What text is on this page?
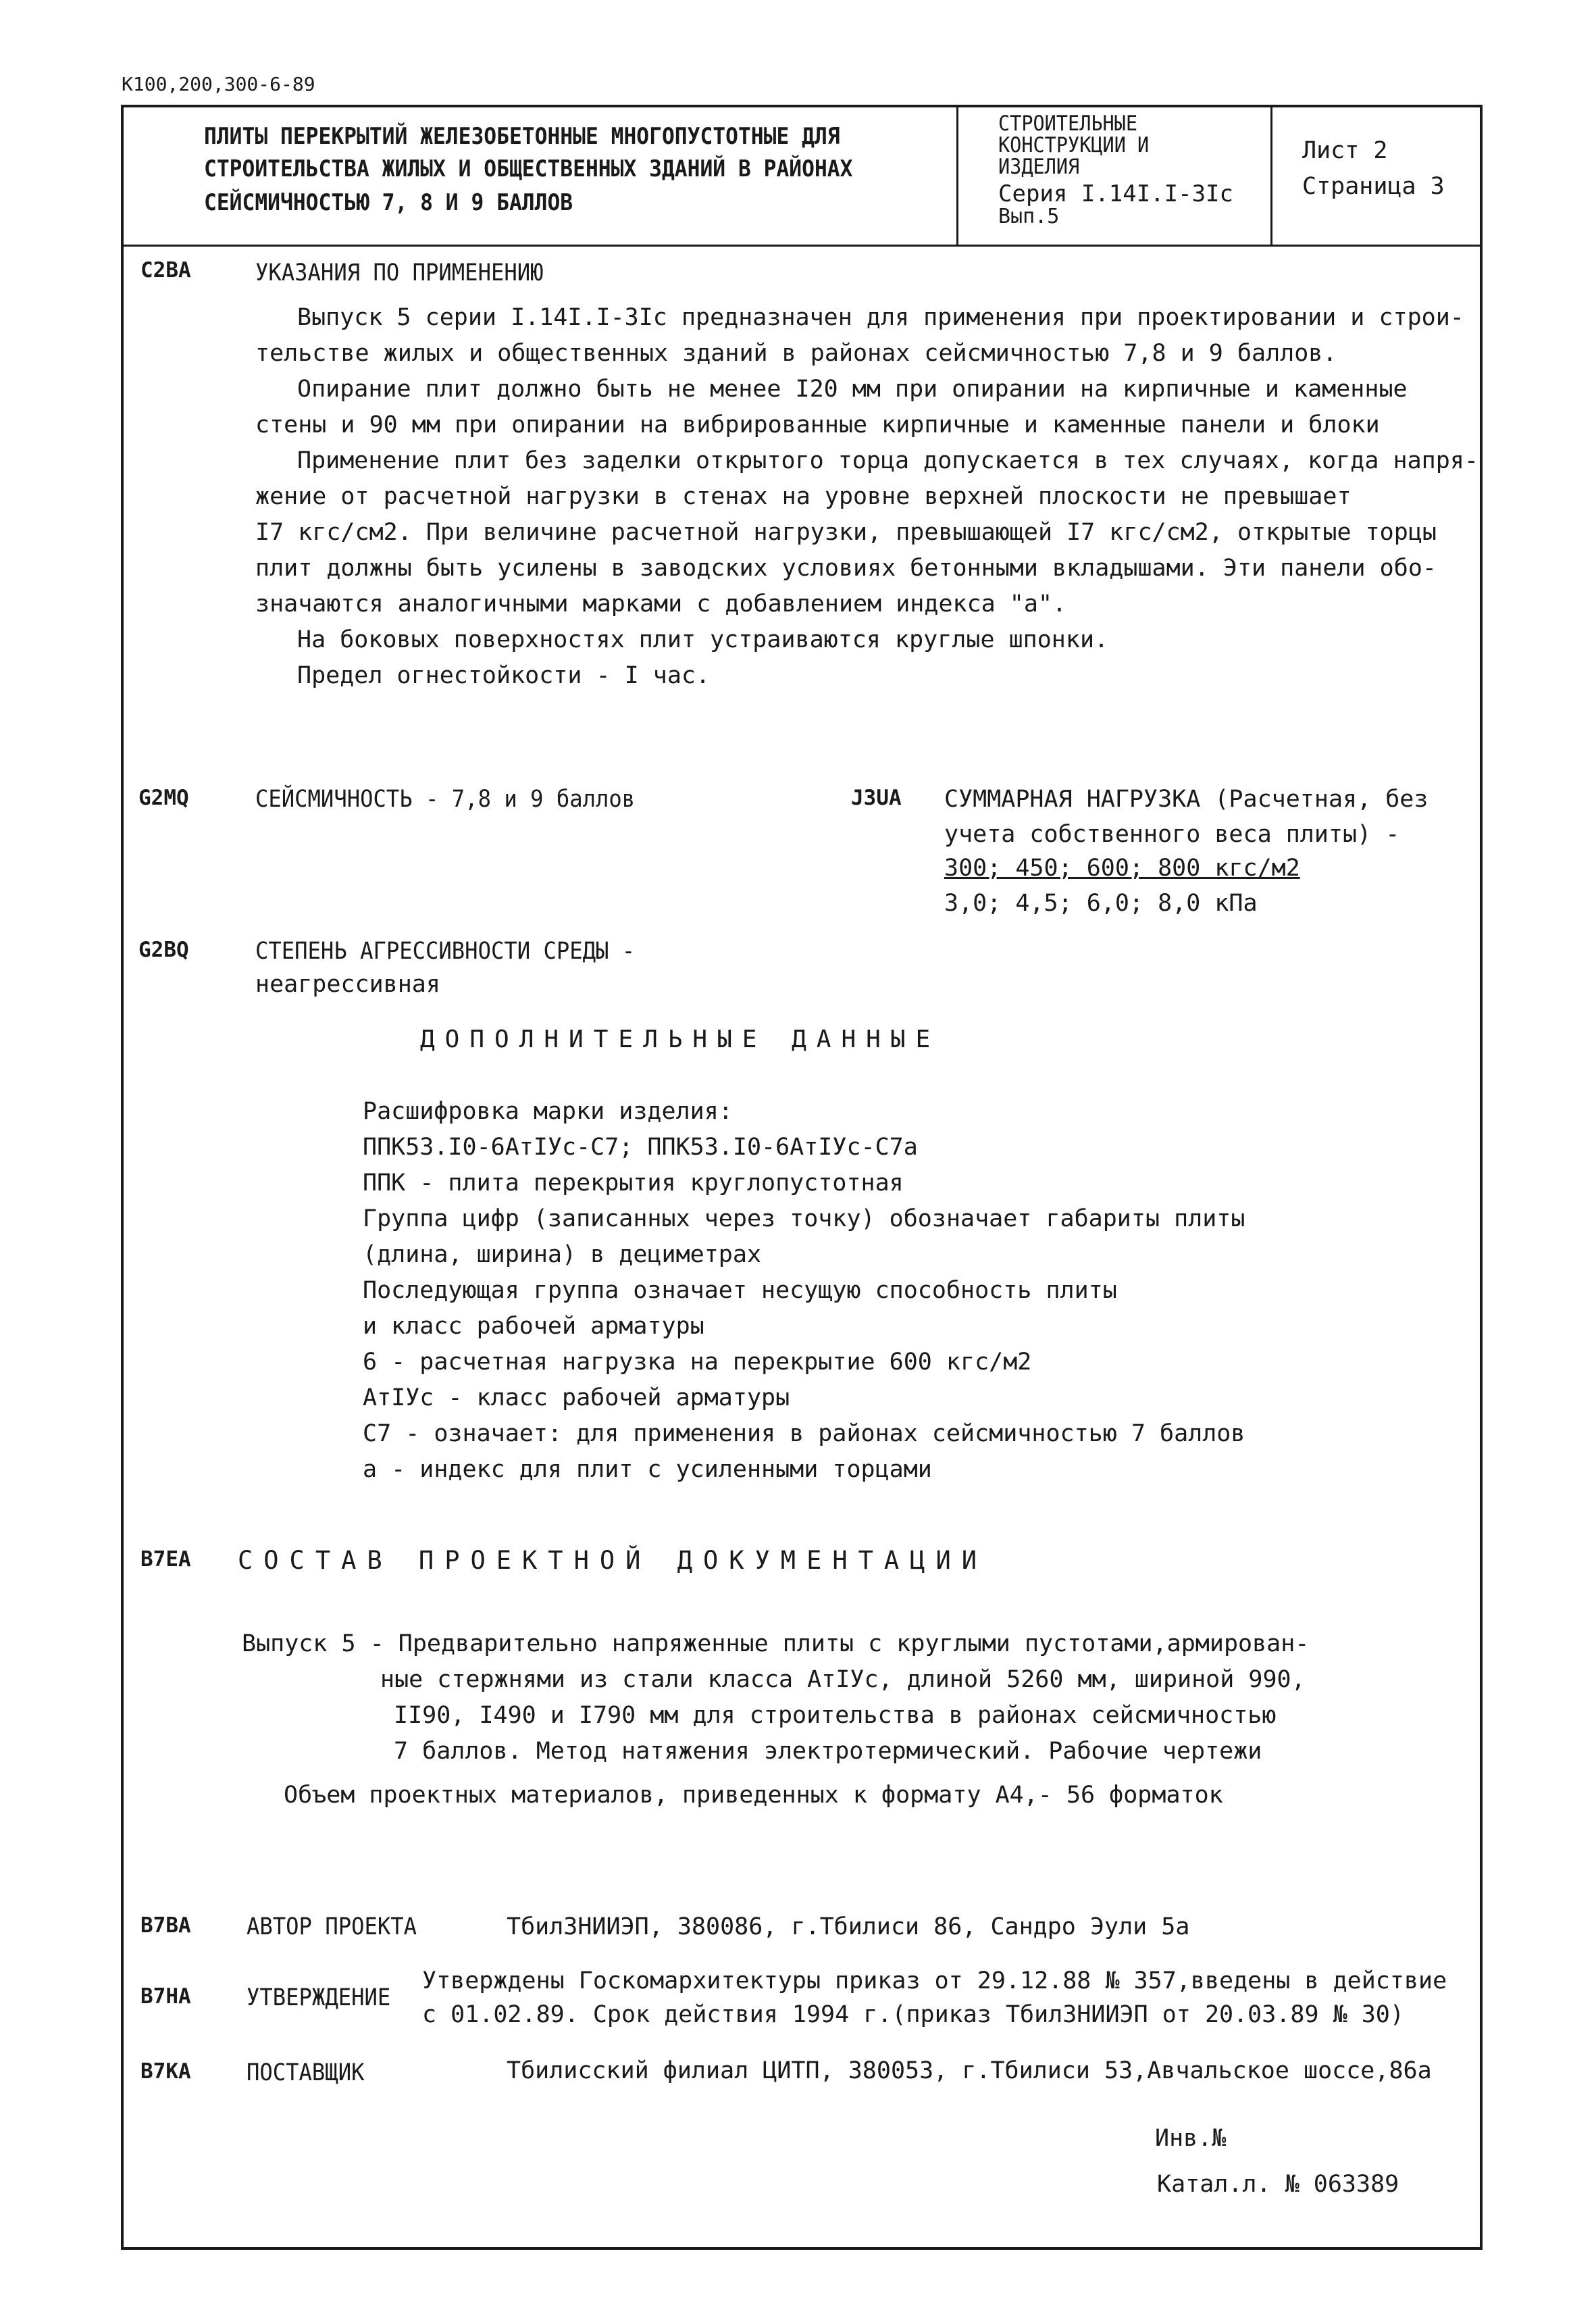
К100,200,300-6-89
ПЛИТЫ ПЕРЕКРЫТИЙ ЖЕЛЕЗОБЕТОННЫЕ МНОГОПУСТОТНЫЕ ДЛЯ
СТРОИТЕЛЬСТВА ЖИЛЫХ И ОБЩЕСТВЕННЫХ ЗДАНИЙ В РАЙОНАХ
СЕЙСМИЧНОСТЬЮ 7, 8 И 9 БАЛЛОВ
СТРОИТЕЛЬНЫЕ
КОНСТРУКЦИИ И
ИЗДЕЛИЯ
Серия I.14I.I-3Iс
Вып.5
Лист 2
Страница 3
C2BA	УКАЗАНИЯ ПО ПРИМЕНЕНИЮ
Выпуск 5 серии I.14I.I-3Iс предназначен для применения при проектировании и строи-
тельстве жилых и общественных зданий в районах сейсмичностью 7,8 и 9 баллов.
Опирание плит должно быть не менее I20 мм при опирании на кирпичные и каменные
стены и 90 мм при опирании на вибрированные кирпичные и каменные панели и блоки
Применение плит без заделки открытого торца допускается в тех случаях, когда напря-
жение от расчетной нагрузки в стенах на уровне верхней плоскости не превышает
I7 кгс/см2. При величине расчетной нагрузки, превышающей I7 кгс/см2, открытые торцы
плит должны быть усилены в заводских условиях бетонными вкладышами. Эти панели обо-
значаются аналогичными марками с добавлением индекса "а".
На боковых поверхностях плит устраиваются круглые шпонки.
Предел огнестойкости - I час.
G2MQ	СЕЙСМИЧНОСТЬ - 7,8 и 9 баллов	J3UA СУММАРНАЯ НАГРУЗКА (Расчетная, без
учета собственного веса плиты) -
300; 450; 600; 800 кгс/м2
3,0; 4,5; 6,0; 8,0 кПа
G2BQ	СТЕПЕНЬ АГРЕССИВНОСТИ СРЕДЫ -
неагрессивная
ДОПОЛНИТЕЛЬНЫЕ ДАННЫЕ
Расшифровка марки изделия:
ППК53.I0-6АтIУс-С7; ППК53.I0-6АтIУс-С7а
ППК - плита перекрытия круглопустотная
Группа цифр (записанных через точку) обозначает габариты плиты
(длина, ширина) в дециметрах
Последующая группа означает несущую способность плиты
и класс рабочей арматуры
6 - расчетная нагрузка на перекрытие 600 кгс/м2
АтIУс - класс рабочей арматуры
С7 - означает: для применения в районах сейсмичностью 7 баллов
а - индекс для плит с усиленными торцами
B7EA СОСТАВ ПРОЕКТНОЙ ДОКУМЕНТАЦИИ
Выпуск 5 - Предварительно напряженные плиты с круглыми пустотами,армирован-
ные стержнями из стали класса АтIУс, длиной 5260 мм, шириной 990,
II90, I490 и I790 мм для строительства в районах сейсмичностью
7 баллов. Метод натяжения электротермический. Рабочие чертежи
Объем проектных материалов, приведенных к формату А4,- 56 форматок
B7BA АВТОР ПРОЕКТА	ТбилЗНИИЭП, 380086, г.Тбилиси 86, Сандро Эули 5а
B7HA УТВЕРЖДЕНИЕ
Утверждены Госкомархитектуры приказ от 29.12.88 № 357,введены в действие
с 01.02.89. Срок действия 1994 г.(приказ ТбилЗНИИЭП от 20.03.89 № 30)
B7KA ПОСТАВЩИК	Тбилисский филиал ЦИТП, 380053, г.Тбилиси 53,Авчальское шоссе,86а
Инв.№
Катал.л. № 063389
